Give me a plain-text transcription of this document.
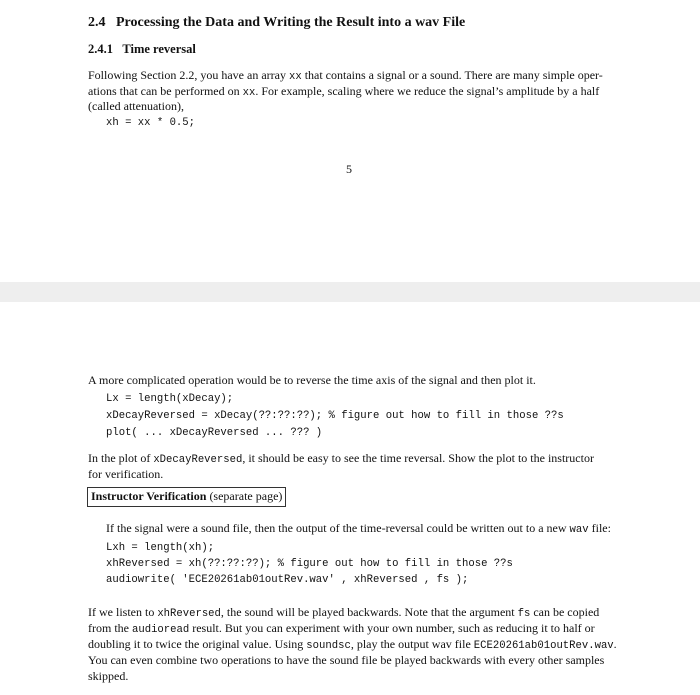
2.4 Processing the Data and Writing the Result into a wav File
2.4.1 Time reversal
Following Section 2.2, you have an array xx that contains a signal or a sound. There are many simple oper-
ations that can be performed on xx. For example, scaling where we reduce the signal’s amplitude by a half
(called attenuation),
xh = xx * 0.5;
5
A more complicated operation would be to reverse the time axis of the signal and then plot it.
Lx = length(xDecay);
xDecayReversed = xDecay(??:??:??); % figure out how to fill in those ??s
plot( ... xDecayReversed ... ??? )
In the plot of xDecayReversed, it should be easy to see the time reversal. Show the plot to the instructor
for verification.
Instructor Verification (separate page)
If the signal were a sound file, then the output of the time-reversal could be written out to a new wav file:
Lxh = length(xh);
xhReversed = xh(??:??:??); % figure out how to fill in those ??s
audiowrite( 'ECE20261ab01outRev.wav' , xhReversed , fs );
If we listen to xhReversed, the sound will be played backwards. Note that the argument fs can be copied
from the audioread result. But you can experiment with your own number, such as reducing it to half or
doubling it to twice the original value. Using soundsc, play the output wav file ECE20261ab01outRev.wav.
You can even combine two operations to have the sound file be played backwards with every other samples
skipped.
